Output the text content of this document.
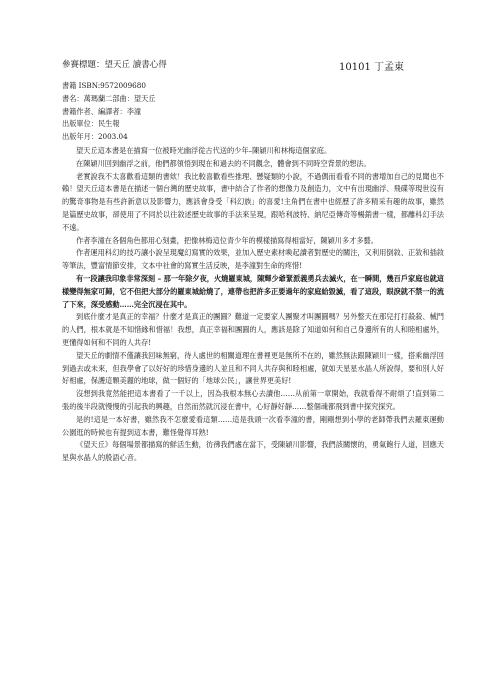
參賽標題：望天丘 讀書心得	10101 丁孟東
書籍 ISBN:9572009680
書名：萬瑪蘭二部曲：望天丘
書籍作者、編譯者：李潼
出版單位：民生報
出版年月：2003.04

望天丘這本書是在描寫一位被時光幽浮從古代送的少年–陳穎川和林梅這個家庭。

在陳穎川回到幽浮之前，他們都領悟到現在和過去的不同觀念，體會到不同時空背景的想法。

老實說我不太喜歡看這類的書欸！我比較喜歡看些推理、懸疑類的小說，不過偶而看看不同的書增加自己的見聞也不賴！望天丘這本書是在描述一個台灣的歷史故事，書中結合了作者的想像力及創造力，文中有出現幽浮、飛碟等現世沒有的驚奇事物是有些許新意以及影響力，應該會身受「科幻族」的喜愛!主角們在書中也經歷了許多精采有趣的故事，雖然是篇歷史故事，卻使用了不同於以往敘述歷史故事的手法來呈現，跟哈利波特、納尼亞傳奇等暢銷書一樣，都離科幻手法不遠。

作者李潼在各個角色都用心刻畫，把像林梅這位青少年的模樣描寫得相當好，陳穎川多才多藝。

作者運用科幻的技巧讓小說呈現魔幻寫實的效果，並加入歷史素材喚起讀者對歷史的關注，又利用倒敘、正敘和插敘等筆法，豐富情節安排，文本中社會的寫實生活反映，是李潼對生命的疼惜!

有一段讓我印象非常深刻 – 那一年除夕夜，火燒羅東城，陳輝少爺緊派義勇兵去滅火，在一瞬間，幾百戶家庭也就這樣變得無家可歸，它不但把大部分的羅東城給燒了，連帶也把許多正要過年的家庭給毀滅，看了這段，眼淚就不禁一的流了下來，深受感動……完全沉浸在其中。

到底什麼才是真正的幸福？什麼才是真正的團圓？難道一定要家人團聚才叫團圓嗎？另外整天在那兒打打殺殺、械鬥的人們，根本就是不知惜緣和惜福！我想，真正幸福和團圓的人，應該是除了知道如何和自己身邊所有的人和睦相處外，更懂得如何和不同的人共存!

望天丘的劇情不僅讓我回味無窮，待人處世的相關道理在書裡更是無所不在的，雖然無法跟陳穎川一樣，搭乘幽浮回到過去或未來，但我學會了以好好的珍惜身邊的人並且和不同人共存與和睦相處，就如天星星水晶人所說得，要和別人好好相處，保護這顆美麗的地球，做一個好的「地球公民」，讓世界更美好!

沒想到我竟然能把這本書看了一千以上，因為我根本無心去讀他……从前第一章開始，我就看得不耐煩了!直到第二張的後半段就慢慢的引起我的興趣，自然而然就沉浸在書中，心好靜好靜……整個魂都飛到書中探究探究。

是的!這是一本好書，雖然我不怎麼愛看這類……這是我頭一次看李潼的書，剛剛想到小學的老師帶我們去羅東運動公園逛的時候也有提到這本書，難怪覺得耳熟!

《望天丘》每個場景都描寫的鮮活生動，彷彿我們處在當下，受陳穎川影響，我們該關懷的，勇氣飽行人道，回應天星與水晶人的殷語心音。
